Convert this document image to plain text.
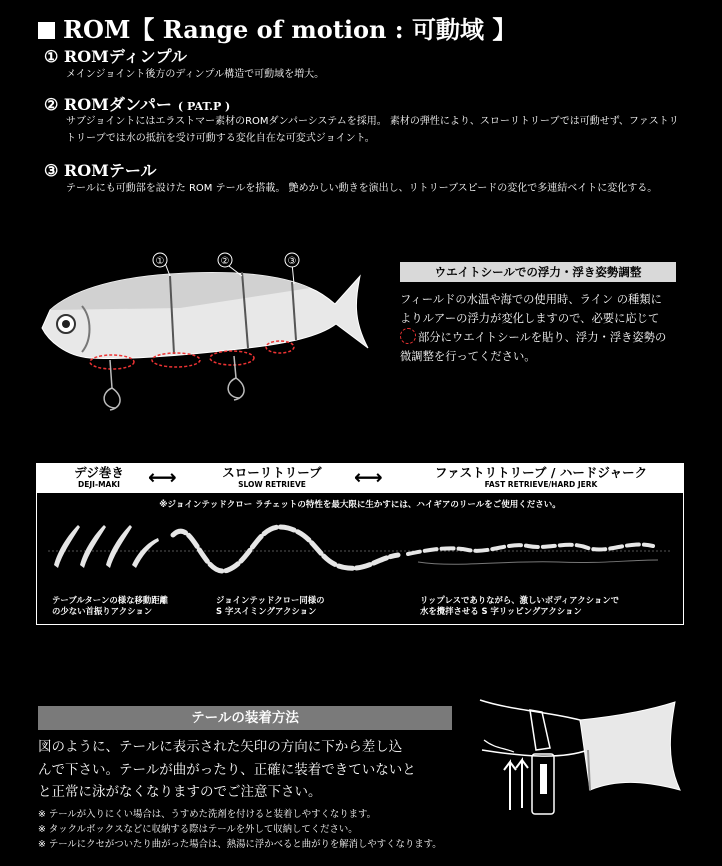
ROM【 Range of motion : 可動域 】
① ROMディンプル
メインジョイント後方のディンプル構造で可動域を増大。
② ROMダンパー ( PAT.P )
サブジョイントにはエラストマー素材のROMダンパーシステムを採用。 素材の弾性により、スローリトリーブでは可動せず、ファストリトリーブでは水の抵抗を受け可動する変化自在な可変式ジョイント。
③ ROMテール
テールにも可動部を設けた ROM テールを搭載。 艶めかしい動きを演出し、リトリーブスピードの変化で多連結ベイトに変化する。
①	②	③
ウエイトシールでの浮力・浮き姿勢調整
フィールドの水温や海での使用時、ライン の種類に
よりルアーの浮力が変化しますので、必要に応じて
部分にウエイトシールを貼り、浮力・浮き姿勢の
微調整を行ってください。
デジ巻き
DEJI-MAKI	⟷	スローリトリーブ
SLOW RETRIEVE	⟷	ファストリトリーブ / ハードジャーク
FAST RETRIEVE/HARD JERK
※ジョインテッドクロー ラチェットの特性を最大限に生かすには、ハイギアのリールをご使用ください。
テーブルターンの様な移動距離
の少ない首振りアクション
ジョインテッドクロー同様の
S 字スイミングアクション
リップレスでありながら、激しいボディアクションで
水を攪拌させる S 字リッピングアクション
テールの装着方法
図のように、テールに表示された矢印の方向に下から差し込
んで下さい。テールが曲がったり、正確に装着できていないと
と正常に泳がなくなりますのでご注意下さい。
※ テールが入りにくい場合は、うすめた洗剤を付けると装着しやすくなります。
※ タックルボックスなどに収納する際はテールを外して収納してください。
※ テールにクセがついたり曲がった場合は、熱湯に浮かべると曲がりを解消しやすくなります。
